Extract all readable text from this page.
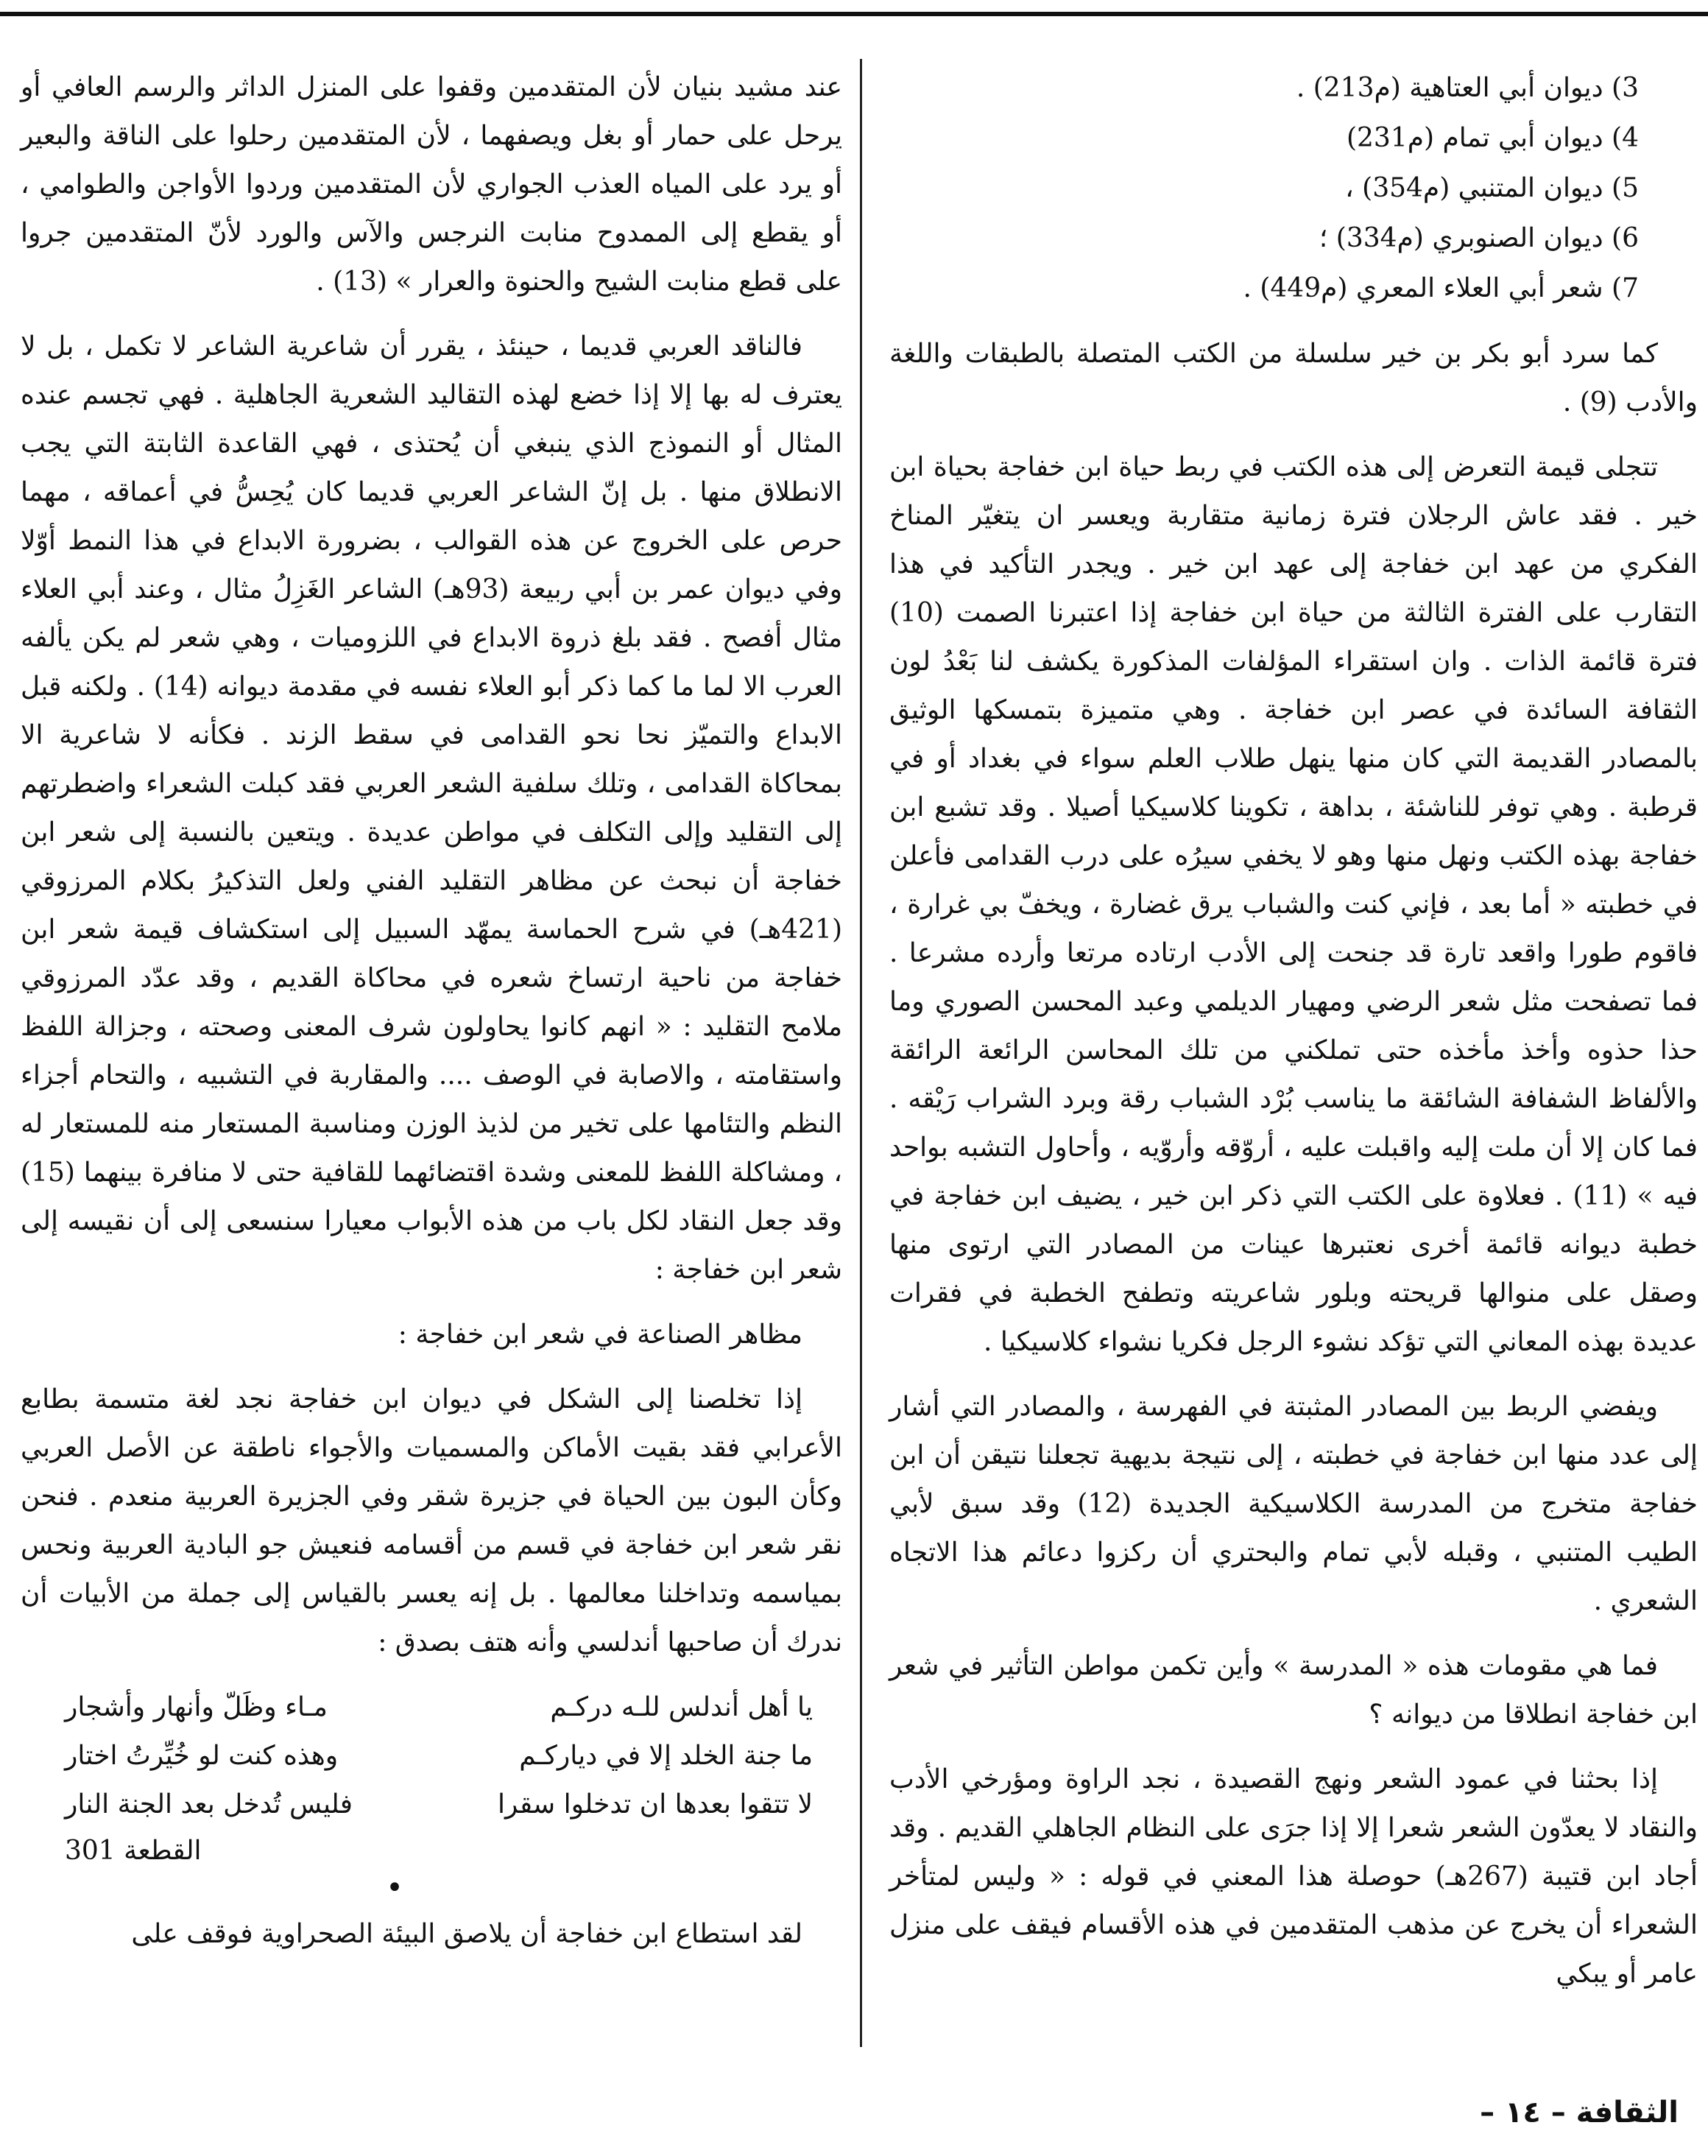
3) ديوان أبي العتاهية (م213) .
4) ديوان أبي تمام (م231)
5) ديوان المتنبي (م354) ،
6) ديوان الصنوبري (م334) ؛
7) شعر أبي العلاء المعري (م449) .

كما سرد أبو بكر بن خير سلسلة من الكتب المتصلة بالطبقات واللغة والأدب (9) .

تتجلى قيمة التعرض إلى هذه الكتب في ربط حياة ابن خفاجة بحياة ابن خير . فقد عاش الرجلان فترة زمانية متقاربة ويعسر ان يتغيّر المناخ الفكري من عهد ابن خفاجة إلى عهد ابن خير . ويجدر التأكيد في هذا التقارب على الفترة الثالثة من حياة ابن خفاجة إذا اعتبرنا الصمت (10) فترة قائمة الذات . وان استقراء المؤلفات المذكورة يكشف لنا بَعْدُ لون الثقافة السائدة في عصر ابن خفاجة . وهي متميزة بتمسكها الوثيق بالمصادر القديمة التي كان منها ينهل طلاب العلم سواء في بغداد أو في قرطبة . وهي توفر للناشئة ، بداهة ، تكوينا كلاسيكيا أصيلا . وقد تشبع ابن خفاجة بهذه الكتب ونهل منها وهو لا يخفي سيرُه على درب القدامى فأعلن في خطبته « أما بعد ، فإني كنت والشباب يرق غضارة ، ويخفّ بي غرارة ، فاقوم طورا واقعد تارة قد جنحت إلى الأدب ارتاده مرتعا وأرده مشرعا . فما تصفحت مثل شعر الرضي ومهيار الديلمي وعبد المحسن الصوري وما حذا حذوه وأخذ مأخذه حتى تملكني من تلك المحاسن الرائعة الرائقة والألفاظ الشفافة الشائقة ما يناسب بُرْد الشباب رقة وبرد الشراب رَيْقه . فما كان إلا أن ملت إليه واقبلت عليه ، أروّقه وأروّيه ، وأحاول التشبه بواحد فيه » (11) . فعلاوة على الكتب التي ذكر ابن خير ، يضيف ابن خفاجة في خطبة ديوانه قائمة أخرى نعتبرها عينات من المصادر التي ارتوى منها وصقل على منوالها قريحته وبلور شاعريته وتطفح الخطبة في فقرات عديدة بهذه المعاني التي تؤكد نشوء الرجل فكريا نشواء كلاسيكيا .

ويفضي الربط بين المصادر المثبتة في الفهرسة ، والمصادر التي أشار إلى عدد منها ابن خفاجة في خطبته ، إلى نتيجة بديهية تجعلنا نتيقن أن ابن خفاجة متخرج من المدرسة الكلاسيكية الجديدة (12) وقد سبق لأبي الطيب المتنبي ، وقبله لأبي تمام والبحتري أن ركزوا دعائم هذا الاتجاه الشعري .

فما هي مقومات هذه « المدرسة » وأين تكمن مواطن التأثير في شعر ابن خفاجة انطلاقا من ديوانه ؟

إذا بحثنا في عمود الشعر ونهج القصيدة ، نجد الراوة ومؤرخي الأدب والنقاد لا يعدّون الشعر شعرا إلا إذا جرَى على النظام الجاهلي القديم . وقد أجاد ابن قتيبة (267هـ) حوصلة هذا المعني في قوله : « وليس لمتأخر الشعراء أن يخرج عن مذهب المتقدمين في هذه الأقسام فيقف على منزل عامر أو يبكي

عند مشيد بنيان لأن المتقدمين وقفوا على المنزل الداثر والرسم العافي أو يرحل على حمار أو بغل ويصفهما ، لأن المتقدمين رحلوا على الناقة والبعير أو يرد على المياه العذب الجواري لأن المتقدمين وردوا الأواجن والطوامي ، أو يقطع إلى الممدوح منابت النرجس والآس والورد لأنّ المتقدمين جروا على قطع منابت الشيح والحنوة والعرار » (13) .

فالناقد العربي قديما ، حينئذ ، يقرر أن شاعرية الشاعر لا تكمل ، بل لا يعترف له بها إلا إذا خضع لهذه التقاليد الشعرية الجاهلية . فهي تجسم عنده المثال أو النموذج الذي ينبغي أن يُحتذى ، فهي القاعدة الثابتة التي يجب الانطلاق منها . بل إنّ الشاعر العربي قديما كان يُحِسُّ في أعماقه ، مهما حرص على الخروج عن هذه القوالب ، بضرورة الابداع في هذا النمط أوّلا وفي ديوان عمر بن أبي ربيعة (93هـ) الشاعر الغَزِلُ مثال ، وعند أبي العلاء مثال أفصح . فقد بلغ ذروة الابداع في اللزوميات ، وهي شعر لم يكن يألفه العرب الا لما ما كما ذكر أبو العلاء نفسه في مقدمة ديوانه (14) . ولكنه قبل الابداع والتميّز نحا نحو القدامى في سقط الزند . فكأنه لا شاعرية الا بمحاكاة القدامى ، وتلك سلفية الشعر العربي فقد كبلت الشعراء واضطرتهم إلى التقليد وإلى التكلف في مواطن عديدة . ويتعين بالنسبة إلى شعر ابن خفاجة أن نبحث عن مظاهر التقليد الفني ولعل التذكيرُ بكلام المرزوقي (421هـ) في شرح الحماسة يمهّد السبيل إلى استكشاف قيمة شعر ابن خفاجة من ناحية ارتساخ شعره في محاكاة القديم ، وقد عدّد المرزوقي ملامح التقليد : « انهم كانوا يحاولون شرف المعنى وصحته ، وجزالة اللفظ واستقامته ، والاصابة في الوصف .... والمقاربة في التشبيه ، والتحام أجزاء النظم والتئامها على تخير من لذيذ الوزن ومناسبة المستعار منه للمستعار له ، ومشاكلة اللفظ للمعنى وشدة اقتضائهما للقافية حتى لا منافرة بينهما (15) وقد جعل النقاد لكل باب من هذه الأبواب معيارا سنسعى إلى أن نقيسه إلى شعر ابن خفاجة :

مظاهر الصناعة في شعر ابن خفاجة :

إذا تخلصنا إلى الشكل في ديوان ابن خفاجة نجد لغة متسمة بطابع الأعرابي فقد بقيت الأماكن والمسميات والأجواء ناطقة عن الأصل العربي وكأن البون بين الحياة في جزيرة شقر وفي الجزيرة العربية منعدم . فنحن نقر شعر ابن خفاجة في قسم من أقسامه فنعيش جو البادية العربية ونحس بمياسمه وتداخلنا معالمها . بل إنه يعسر بالقياس إلى جملة من الأبيات أن ندرك أن صاحبها أندلسي وأنه هتف بصدق :

يا أهل أندلس للـه دركـم
مـاء وظَلّ وأنهار وأشجار
ما جنة الخلد إلا في دياركـم
وهذه كنت لو خُيِّرتُ اختار
لا تتقوا بعدها ان تدخلوا سقرا
فليس تُدخل بعد الجنة النار
القطعة 301
•

لقد استطاع ابن خفاجة أن يلاصق البيئة الصحراوية فوقف على

الثقافة – ١٤ –
